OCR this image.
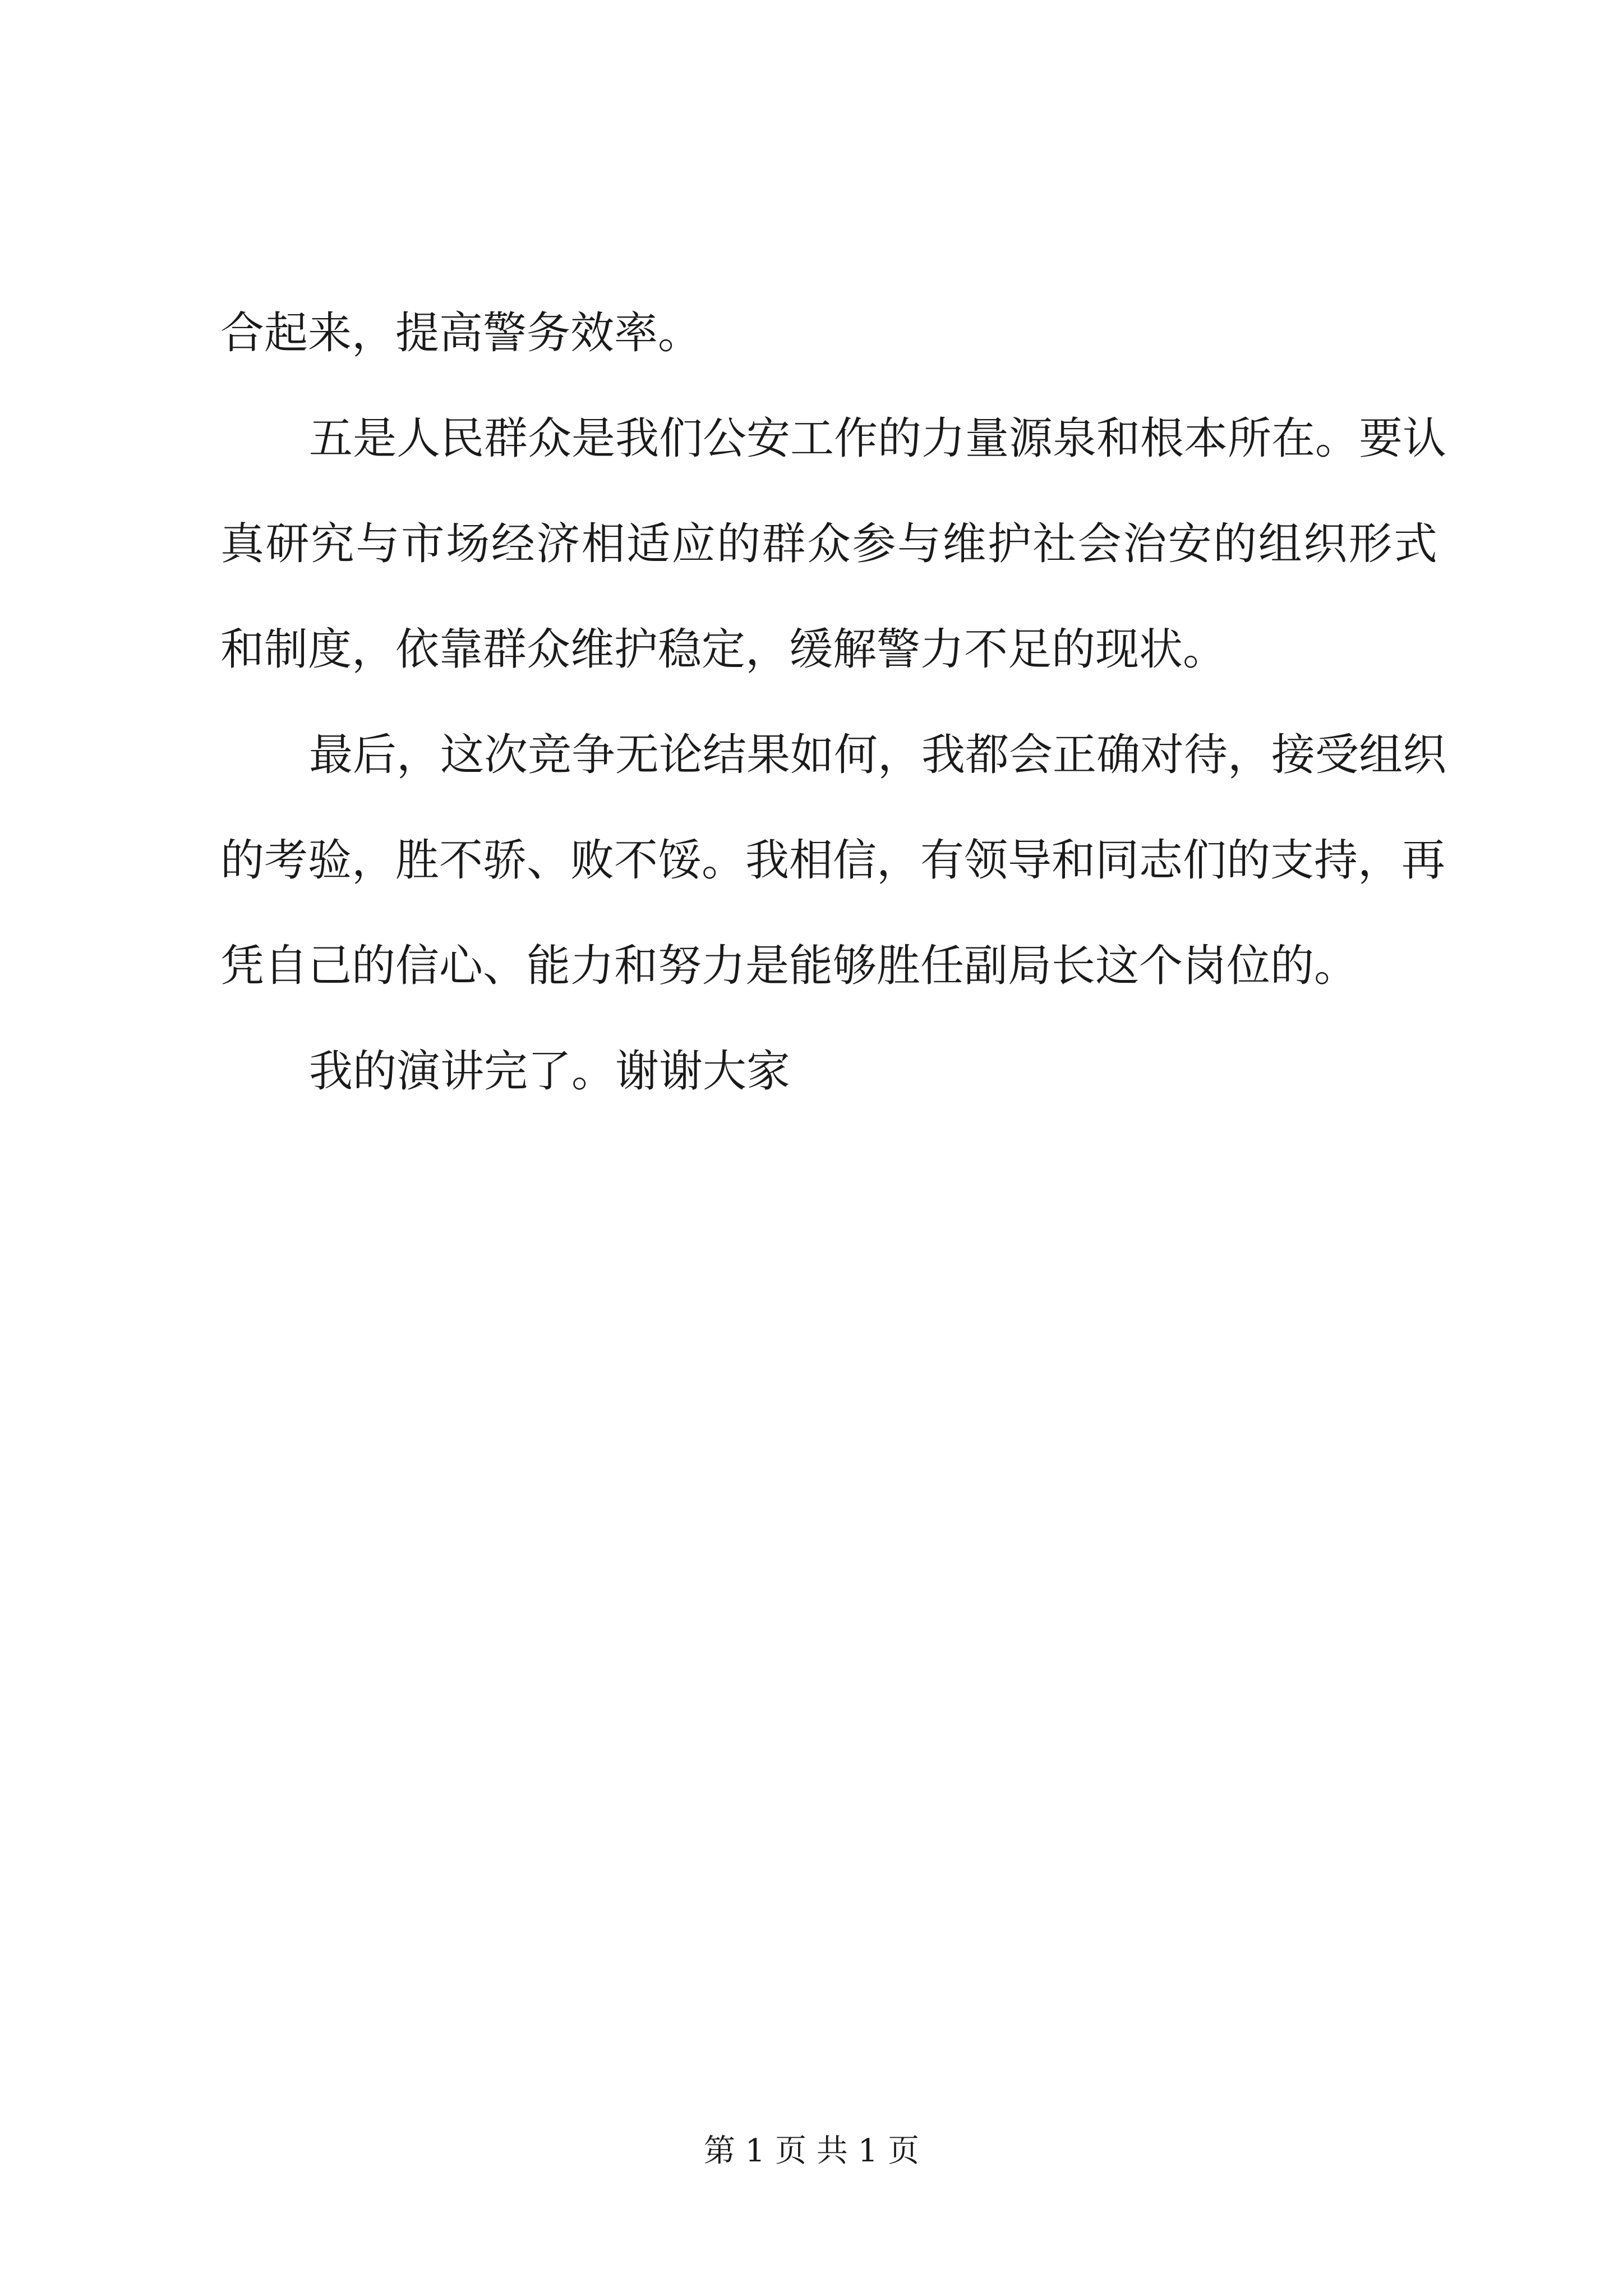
合起来，提高警务效率。
五是人民群众是我们公安工作的力量源泉和根本所在。要认
真研究与市场经济相适应的群众参与维护社会治安的组织形式
和制度，依靠群众维护稳定，缓解警力不足的现状。
最后，这次竞争无论结果如何，我都会正确对待，接受组织
的考验，胜不骄、败不馁。我相信，有领导和同志们的支持，再
凭自己的信心、能力和努力是能够胜任副局长这个岗位的。
我的演讲完了。谢谢大家
第 1 页 共 1 页
